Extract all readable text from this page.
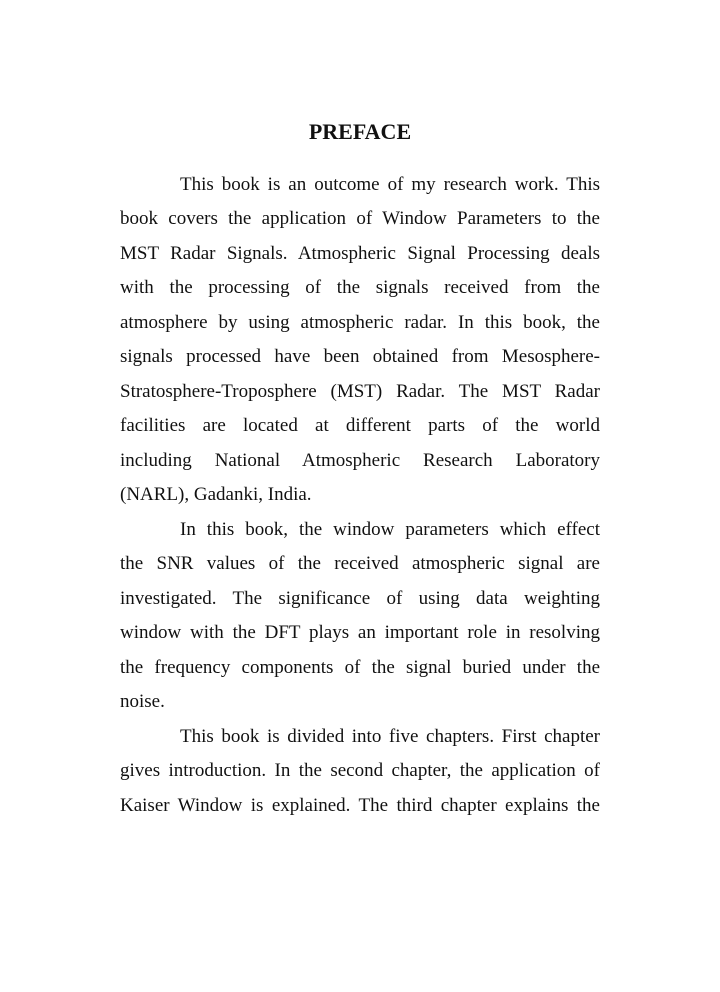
PREFACE
This book is an outcome of my research work. This
book covers the application of Window Parameters to the
MST Radar Signals. Atmospheric Signal Processing deals
with the processing of the signals received from the
atmosphere by using atmospheric radar. In this book, the
signals processed have been obtained from Mesosphere-
Stratosphere-Troposphere (MST) Radar. The MST Radar
facilities are located at different parts of the world
including National Atmospheric Research Laboratory
(NARL), Gadanki, India.
In this book, the window parameters which effect
the SNR values of the received atmospheric signal are
investigated. The significance of using data weighting
window with the DFT plays an important role in resolving
the frequency components of the signal buried under the
noise.
This book is divided into five chapters. First chapter
gives introduction. In the second chapter, the application of
Kaiser Window is explained. The third chapter explains the
